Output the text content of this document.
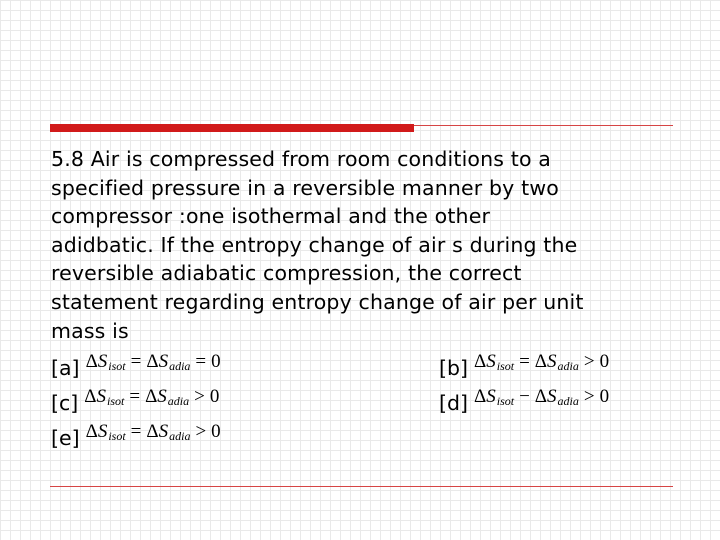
5.8 Air is compressed from room conditions to a
specified pressure in a reversible manner by two
compressor :one isothermal and the other
adidbatic. If the entropy change of air s during the
reversible adiabatic compression, the correct
statement regarding entropy change of air per unit
mass is

[a] $\Delta S_{isot} = \Delta S_{adia} = 0$	[b] $\Delta S_{isot} = \Delta S_{adia} > 0$
[c] $\Delta S_{isot} = \Delta S_{adia} > 0$	[d] $\Delta S_{isot} - \Delta S_{adia} > 0$
[e] $\Delta S_{isot} = \Delta S_{adia} > 0$
